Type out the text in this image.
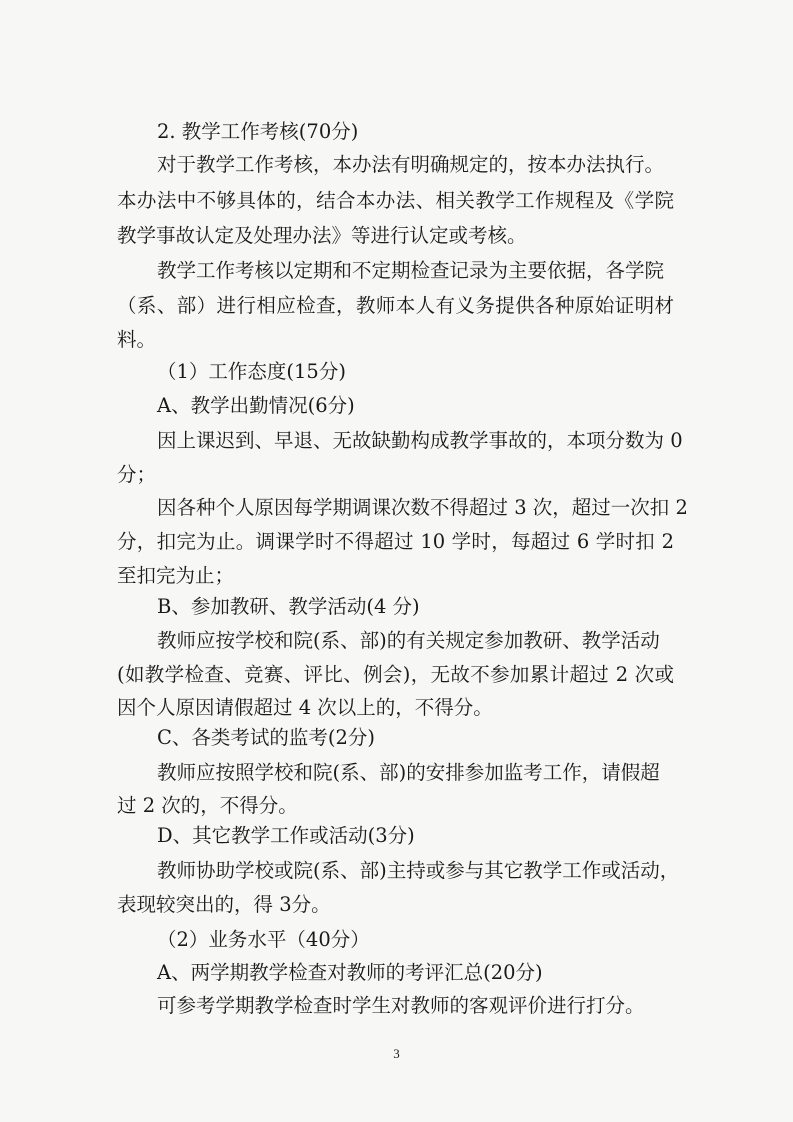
2. 教学工作考核(70分)
对于教学工作考核，本办法有明确规定的，按本办法执行。
本办法中不够具体的，结合本办法、相关教学工作规程及《学院
教学事故认定及处理办法》等进行认定或考核。
教学工作考核以定期和不定期检查记录为主要依据，各学院
（系、部）进行相应检查，教师本人有义务提供各种原始证明材
料。
（1）工作态度(15分)
A、教学出勤情况(6分)
因上课迟到、早退、无故缺勤构成教学事故的，本项分数为 0
分；
因各种个人原因每学期调课次数不得超过 3 次，超过一次扣 2
分，扣完为止。调课学时不得超过 10 学时，每超过 6 学时扣 2
至扣完为止；
B、参加教研、教学活动(4 分)
教师应按学校和院(系、部)的有关规定参加教研、教学活动
(如教学检查、竞赛、评比、例会)，无故不参加累计超过 2 次或
因个人原因请假超过 4 次以上的，不得分。
C、各类考试的监考(2分)
教师应按照学校和院(系、部)的安排参加监考工作，请假超
过 2 次的，不得分。
D、其它教学工作或活动(3分)
教师协助学校或院(系、部)主持或参与其它教学工作或活动，
表现较突出的，得 3分。
（2）业务水平（40分）
A、两学期教学检查对教师的考评汇总(20分)
可参考学期教学检查时学生对教师的客观评价进行打分。
3
